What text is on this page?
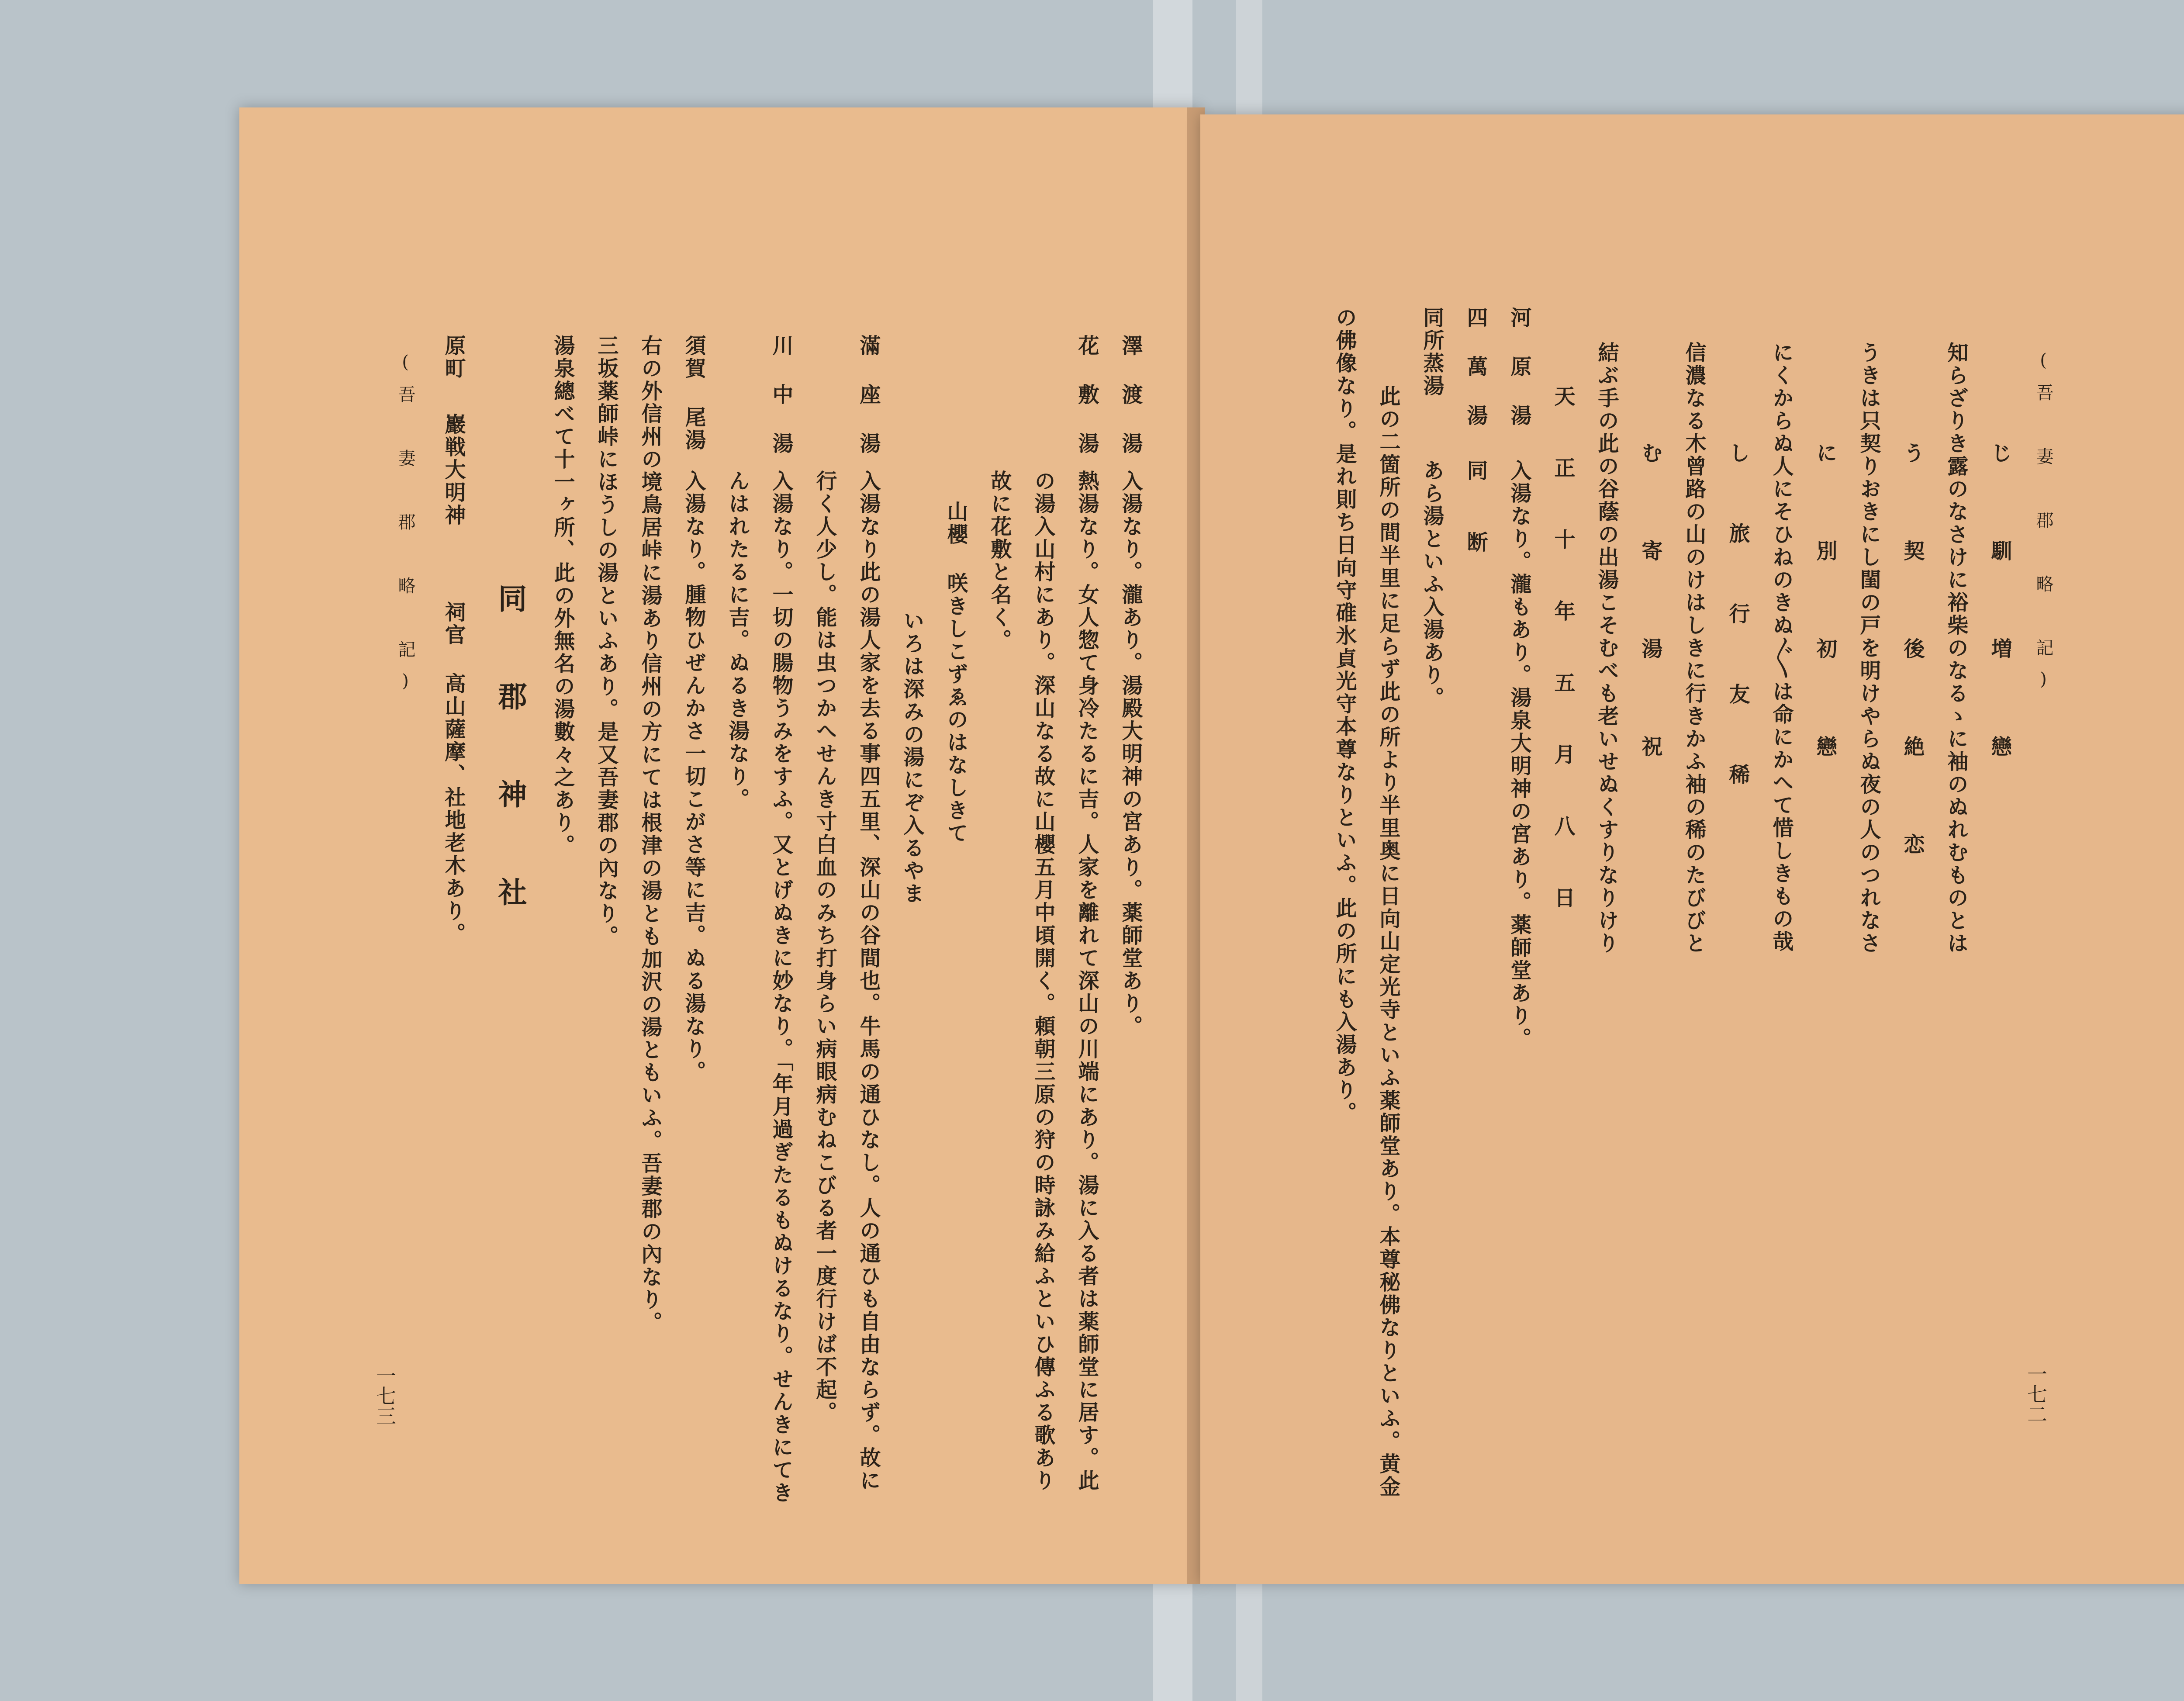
澤 渡 湯
入湯なり。瀧あり。湯殿大明神の宮あり。薬師堂あり。
花 敷 湯
熱湯なり。女人惣て身冷たるに吉。人家を離れて深山の川端にあり。湯に入る者は薬師堂に居す。此
の湯入山村にあり。深山なる故に山櫻五月中頃開く。頼朝三原の狩の時詠み給ふといひ傳ふる歌あり
故に花敷と名く。
山櫻 咲きしこずゑのはなしきて
いろは深みの湯にぞ入るやま
滿 座 湯
入湯なり此の湯人家を去る事四五里、深山の谷間也。牛馬の通ひなし。人の通ひも自由ならず。故に
行く人少し。能は虫つかへせんき寸白血のみち打身らい病眼病むねこびる者一度行けば不起。
川 中 湯
入湯なり。一切の腸物うみをすふ。又とげぬきに妙なり。「年月過ぎたるもぬけるなり。せんきにてき
んはれたるに吉。ぬるき湯なり。
須賀 尾湯
入湯なり。腫物ひぜんかさ一切こがさ等に吉。ぬる湯なり。
右の外信州の境鳥居峠に湯あり信州の方にては根津の湯とも加沢の湯ともいふ。吾妻郡の內なり。
三坂薬師峠にほうしの湯といふあり。是又吾妻郡の內なり。
湯泉總べて十一ヶ所、此の外無名の湯數々之あり。
同 郡 神 社
原町
巖戦大明神
祠官 高山薩摩、社地老木あり。
(吾 妻 郡 略 記)
一七三
(吾 妻 郡 略 記)
じ 馴 増 戀
知らざりき露のなさけに裕柴のなるゝに袖のぬれむものとは
う 契 後 絶 恋
うきは只契りおきにし閨の戸を明けやらぬ夜の人のつれなさ
に 別 初 戀
にくからぬ人にそひねのきぬ〴〵は命にかへて惜しきもの哉
し 旅 行 友 稀
信濃なる木曾路の山のけはしきに行きかふ袖の稀のたびびと
む 寄 湯 祝
結ぶ手の此の谷蔭の出湯こそむべも老いせぬくすりなりけり
天 正 十 年 五 月 八 日
河 原 湯
入湯なり。瀧もあり。湯泉大明神の宮あり。薬師堂あり。
四 萬 湯
同 断
同所蒸湯
あら湯といふ入湯あり。
此の二箇所の間半里に足らず此の所より半里奥に日向山定光寺といふ薬師堂あり。本尊秘佛なりといふ。黄金
の佛像なり。是れ則ち日向守碓氷貞光守本尊なりといふ。此の所にも入湯あり。
一七二
